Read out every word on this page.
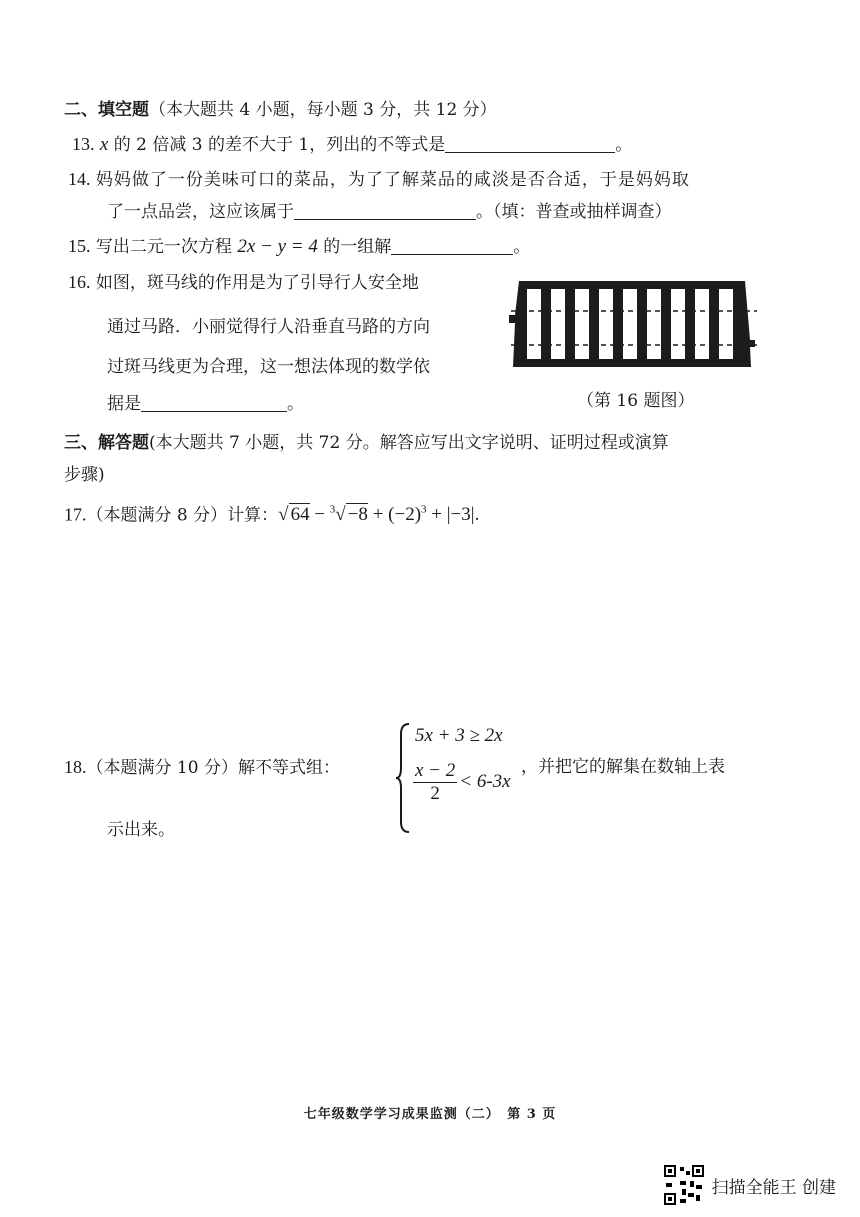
二、填空题（本大题共 4 小题，每小题 3 分，共 12 分）
13. x 的 2 倍减 3 的差不大于 1，列出的不等式是	。
14. 妈妈做了一份美味可口的菜品，为了了解菜品的咸淡是否合适，于是妈妈取
了一点品尝，这应该属于	。（填：普查或抽样调查）
15. 写出二元一次方程 2x − y = 4 的一组解	。
16. 如图，斑马线的作用是为了引导行人安全地
通过马路．小丽觉得行人沿垂直马路的方向
过斑马线更为合理，这一想法体现的数学依
据是	。	（第 16 题图）
三、解答题(本大题共 7 小题，共 72 分。解答应写出文字说明、证明过程或演算
步骤)
17.（本题满分 8 分）计算：√ $64 - ^3√ -8 + (-2)^3 + |-3|$.
18.（本题满分 10 分）解不等式组：
5x + 3 ≥ 2x
$\frac{x - 2}{2} < 6-3x$
，并把它的解集在数轴上表
示出来。
七年级数学学习成果监测（二）　第 3 页
扫描全能王 创建
